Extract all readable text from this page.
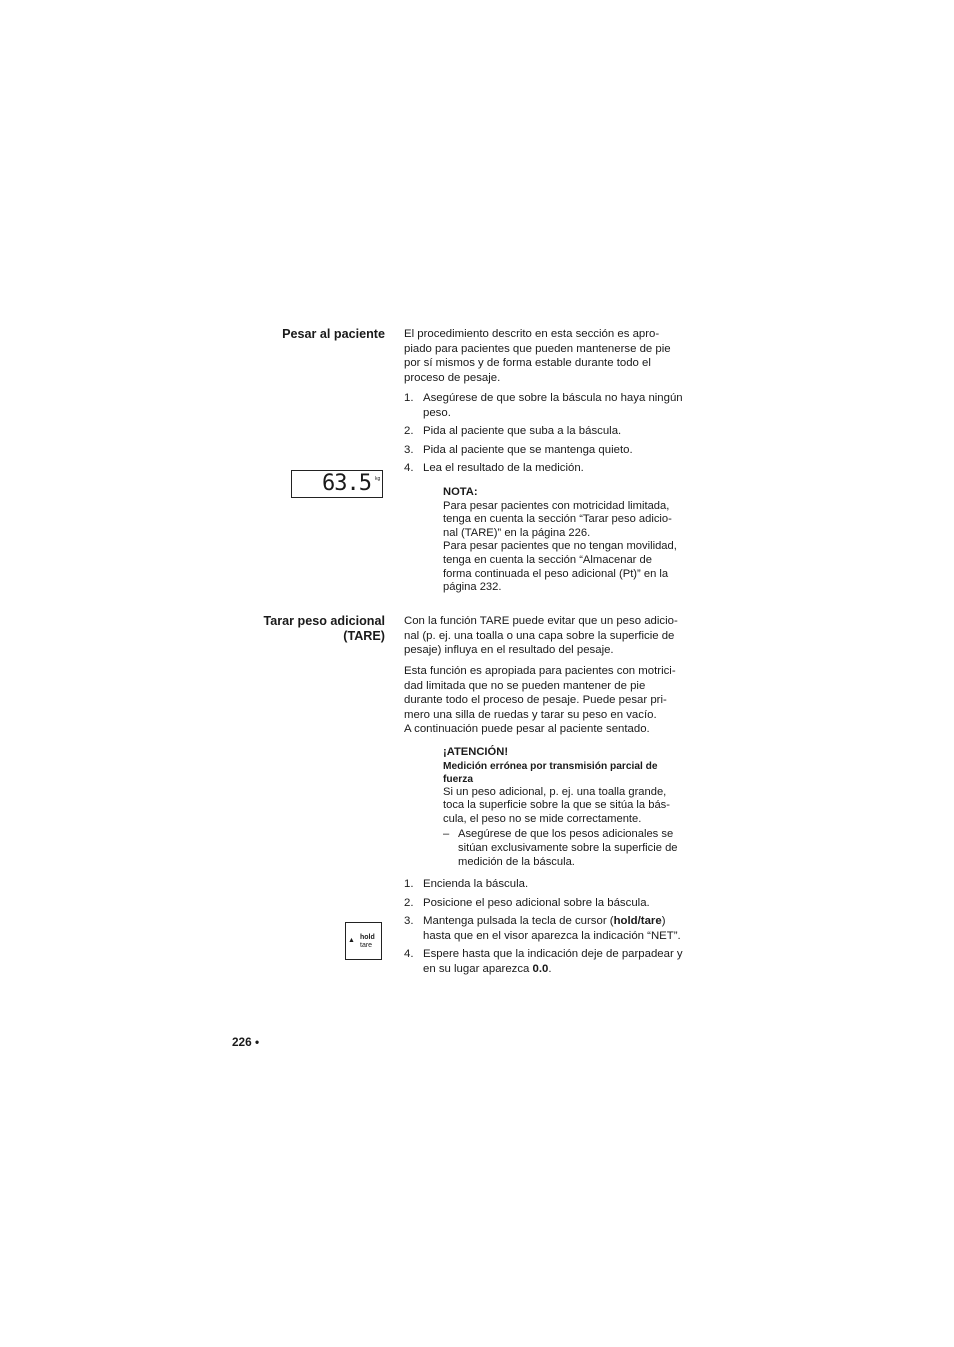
Pesar al paciente El procedimiento descrito en esta sección es apro-
piado para pacientes que pueden mantenerse de pie
por sí mismos y de forma estable durante todo el
proceso de pesaje.
1. Asegúrese de que sobre la báscula no haya ningún
peso.
2. Pida al paciente que suba a la báscula.
3. Pida al paciente que se mantenga quieto.
4. Lea el resultado de la medición.
63.5 kg
NOTA:
Para pesar pacientes con motricidad limitada,
tenga en cuenta la sección “Tarar peso adicio-
nal (TARE)” en la página 226.
Para pesar pacientes que no tengan movilidad,
tenga en cuenta la sección “Almacenar de
forma continuada el peso adicional (Pt)” en la
página 232.
Tarar peso adicional
(TARE)
Con la función TARE puede evitar que un peso adicio-
nal (p. ej. una toalla o una capa sobre la superficie de
pesaje) influya en el resultado del pesaje.
Esta función es apropiada para pacientes con motrici-
dad limitada que no se pueden mantener de pie
durante todo el proceso de pesaje. Puede pesar pri-
mero una silla de ruedas y tarar su peso en vacío.
A continuación puede pesar al paciente sentado.
¡ATENCIÓN!
Medición errónea por transmisión parcial de
fuerza
Si un peso adicional, p. ej. una toalla grande,
toca la superficie sobre la que se sitúa la bás-
cula, el peso no se mide correctamente.
– Asegúrese de que los pesos adicionales se
sitúan exclusivamente sobre la superficie de
medición de la báscula.
1. Encienda la báscula.
2. Posicione el peso adicional sobre la báscula.
3. Mantenga pulsada la tecla de cursor (hold/tare)
hasta que en el visor aparezca la indicación “NET”.
4. Espere hasta que la indicación deje de parpadear y
en su lugar aparezca 0.0.
▲ hold
tare
226 •
